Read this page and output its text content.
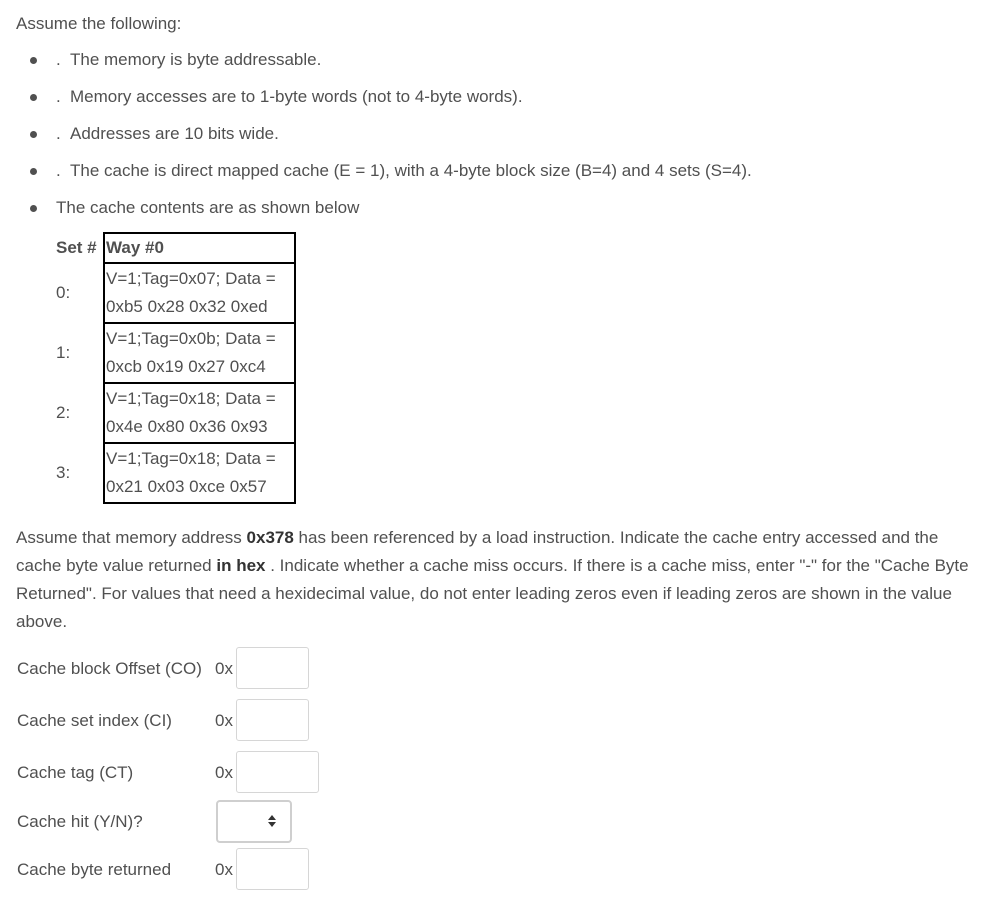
Assume the following:
. The memory is byte addressable.
. Memory accesses are to 1-byte words (not to 4-byte words).
. Addresses are 10 bits wide.
. The cache is direct mapped cache (E = 1), with a 4-byte block size (B=4) and 4 sets (S=4).
The cache contents are as shown below
Set #	Way #0
0:	V=1;Tag=0x07; Data =
0xb5 0x28 0x32 0xed

1:	V=1;Tag=0x0b; Data =
0xcb 0x19 0x27 0xc4

2:	V=1;Tag=0x18; Data =
0x4e 0x80 0x36 0x93

3:	V=1;Tag=0x18; Data =
0x21 0x03 0xce 0x57
Assume that memory address 0x378 has been referenced by a load instruction. Indicate the cache entry accessed and the cache byte value returned in hex . Indicate whether a cache miss occurs. If there is a cache miss, enter "-" for the "Cache Byte Returned". For values that need a hexidecimal value, do not enter leading zeros even if leading zeros are shown in the value above.
Cache block Offset (CO) 0x
Cache set index (CI)	0x
Cache tag (CT)	0x
Cache hit (Y/N)?
Cache byte returned	0x
